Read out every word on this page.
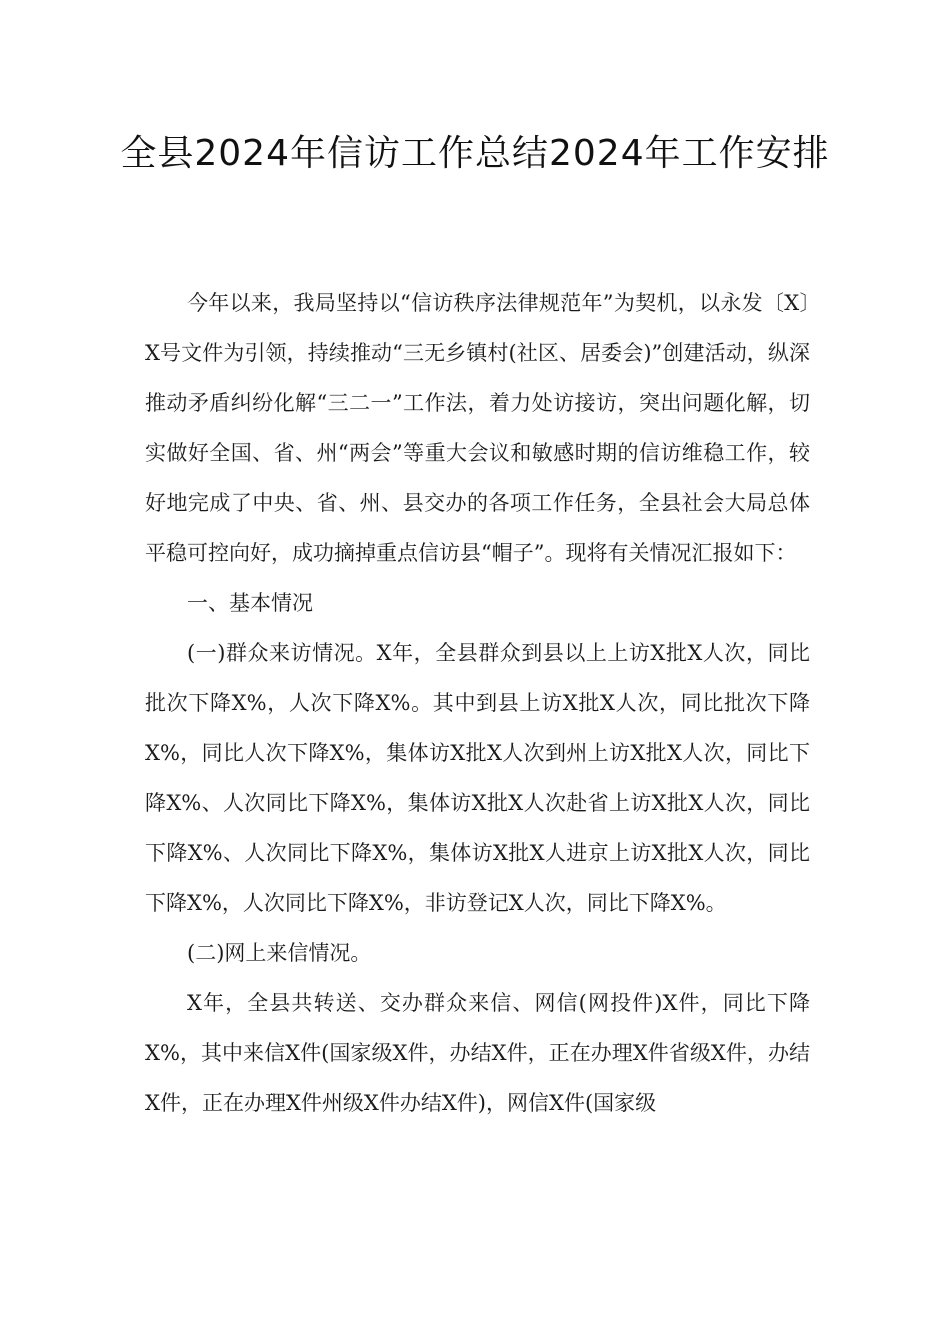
全县2024年信访工作总结2024年工作安排

今年以来，我局坚持以“信访秩序法律规范年”为契机，以永发〔X〕X号文件为引领，持续推动“三无乡镇村(社区、居委会)”创建活动，纵深推动矛盾纠纷化解“三二一”工作法，着力处访接访，突出问题化解，切实做好全国、省、州“两会”等重大会议和敏感时期的信访维稳工作，较好地完成了中央、省、州、县交办的各项工作任务，全县社会大局总体平稳可控向好，成功摘掉重点信访县“帽子”。现将有关情况汇报如下：

一、基本情况

(一)群众来访情况。X年，全县群众到县以上上访X批X人次，同比批次下降X%，人次下降X%。其中到县上访X批X人次，同比批次下降X%，同比人次下降X%，集体访X批X人次到州上访X批X人次，同比下降X%、人次同比下降X%，集体访X批X人次赴省上访X批X人次，同比下降X%、人次同比下降X%，集体访X批X人进京上访X批X人次，同比下降X%，人次同比下降X%，非访登记X人次，同比下降X%。

(二)网上来信情况。

X年，全县共转送、交办群众来信、网信(网投件)X件，同比下降X%，其中来信X件(国家级X件，办结X件，正在办理X件省级X件，办结X件，正在办理X件州级X件办结X件)，网信X件(国家级
